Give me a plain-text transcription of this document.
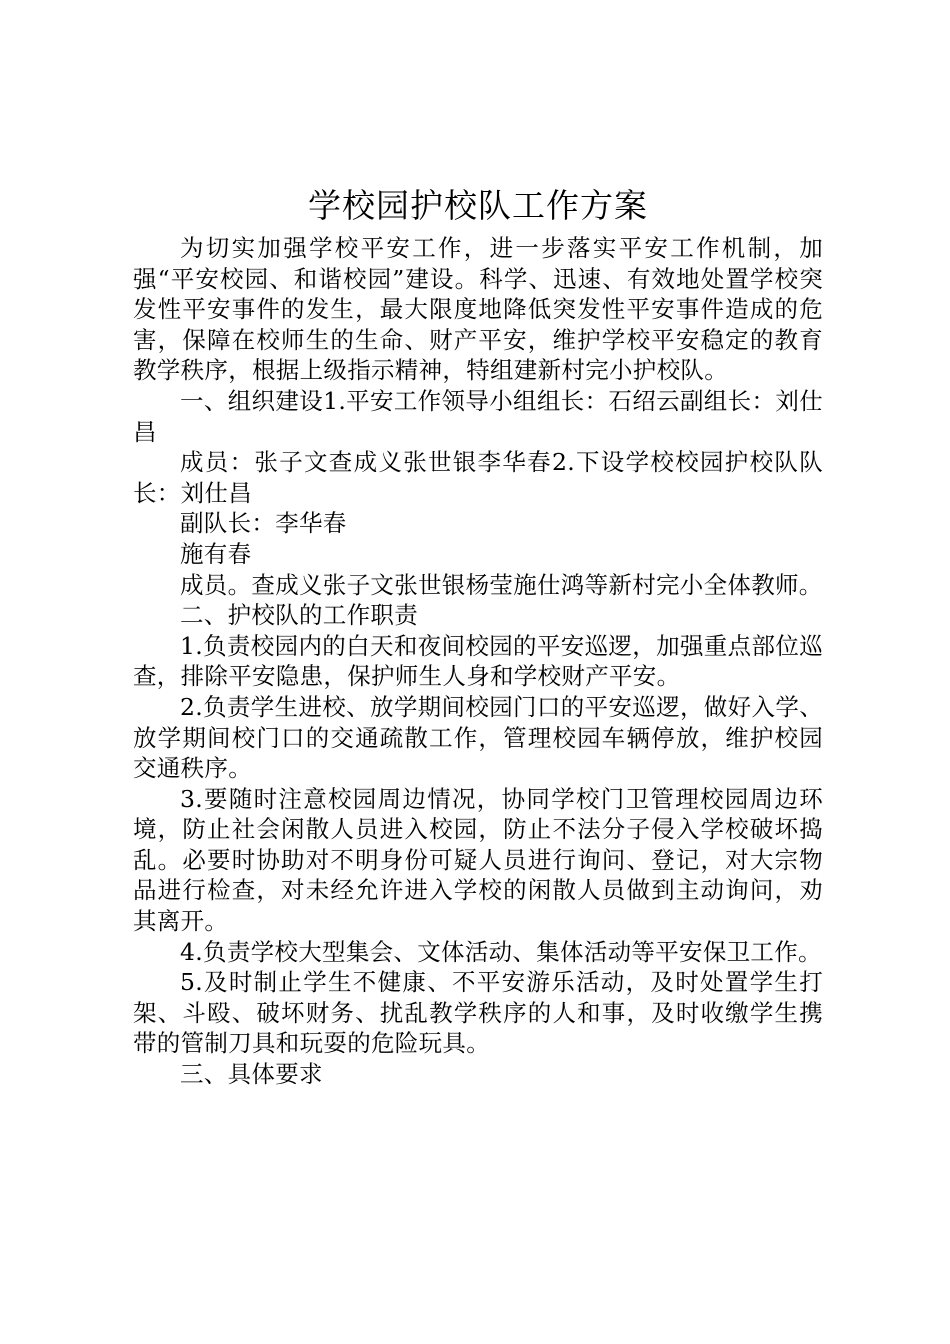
学校园护校队工作方案

为切实加强学校平安工作，进一步落实平安工作机制，加强“平安校园、和谐校园”建设。科学、迅速、有效地处置学校突发性平安事件的发生，最大限度地降低突发性平安事件造成的危害，保障在校师生的生命、财产平安，维护学校平安稳定的教育教学秩序，根据上级指示精神，特组建新村完小护校队。

一、组织建设1.平安工作领导小组组长：石绍云副组长：刘仕昌

成员：张子文查成义张世银李华春2.下设学校校园护校队队长：刘仕昌

副队长：李华春

施有春

成员。查成义张子文张世银杨莹施仕鸿等新村完小全体教师。

二、护校队的工作职责

1.负责校园内的白天和夜间校园的平安巡逻，加强重点部位巡查，排除平安隐患，保护师生人身和学校财产平安。

2.负责学生进校、放学期间校园门口的平安巡逻，做好入学、放学期间校门口的交通疏散工作，管理校园车辆停放，维护校园交通秩序。

3.要随时注意校园周边情况，协同学校门卫管理校园周边环境，防止社会闲散人员进入校园，防止不法分子侵入学校破坏捣乱。必要时协助对不明身份可疑人员进行询问、登记，对大宗物品进行检查，对未经允许进入学校的闲散人员做到主动询问，劝其离开。

4.负责学校大型集会、文体活动、集体活动等平安保卫工作。

5.及时制止学生不健康、不平安游乐活动，及时处置学生打架、斗殴、破坏财务、扰乱教学秩序的人和事，及时收缴学生携带的管制刀具和玩耍的危险玩具。

三、具体要求
